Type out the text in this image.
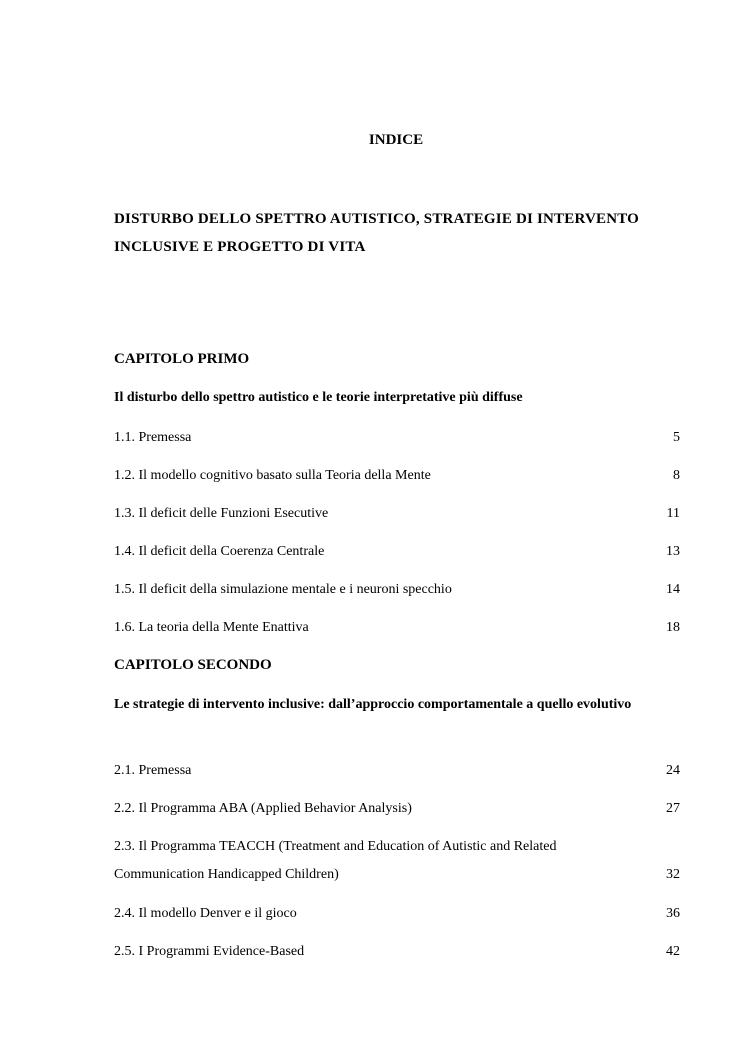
INDICE
DISTURBO DELLO SPETTRO AUTISTICO, STRATEGIE DI INTERVENTO
INCLUSIVE E PROGETTO DI VITA
CAPITOLO PRIMO
Il disturbo dello spettro autistico e le teorie interpretative più diffuse
1.1. Premessa	5
1.2. Il modello cognitivo basato sulla Teoria della Mente	8
1.3. Il deficit delle Funzioni Esecutive	11
1.4. Il deficit della Coerenza Centrale	13
1.5. Il deficit della simulazione mentale e i neuroni specchio	14
1.6. La teoria della Mente Enattiva	18
CAPITOLO SECONDO
Le strategie di intervento inclusive: dall’approccio comportamentale a quello evolutivo
2.1. Premessa	24
2.2. Il Programma ABA (Applied Behavior Analysis)	27
2.3. Il Programma TEACCH (Treatment and Education of Autistic and Related Communication Handicapped Children)	32
2.4. Il modello Denver e il gioco	36
2.5. I Programmi Evidence-Based	42
